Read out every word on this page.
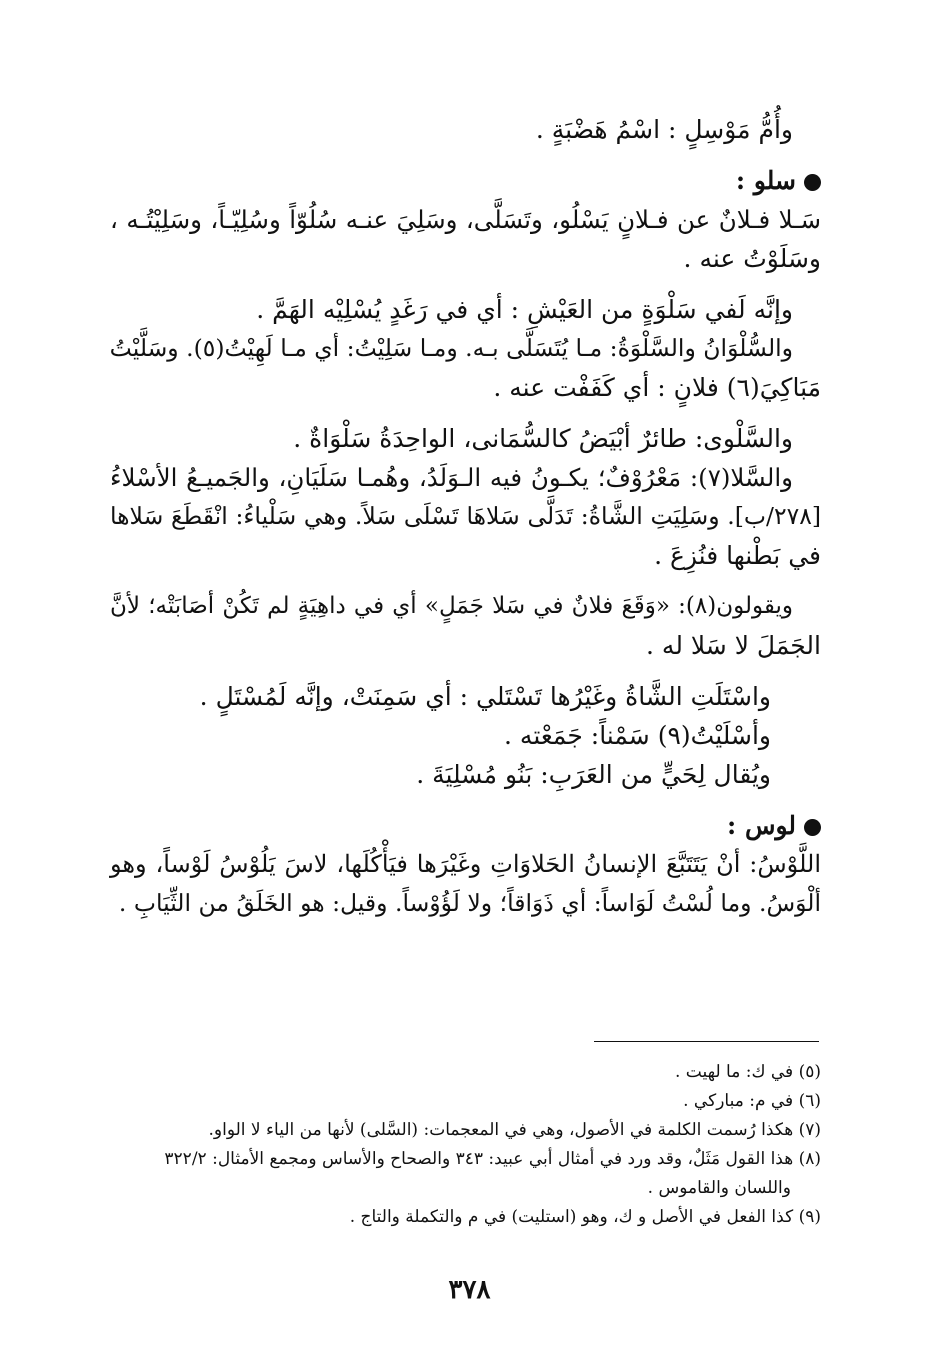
وأُمُّ مَوْسِلٍ : اسْمُ هَضْبَةٍ .
سلو :
سَـلا فـلانٌ عن فـلانٍ يَسْلُو، وتَسَلَّى، وسَلِيَ عنـه سُلُوّاً وسُلِيّـاً، وسَلِيْتُـه ،
وسَلَوْتُ عنه .
وإنَّه لَفي سَلْوَةٍ من العَيْشِ : أي في رَغَدٍ يُسْلِيْه الهَمَّ .
والسُّلْوَانُ والسَّلْوَةُ: مـا يُتَسَلَّى بـه. ومـا سَلِيْتُ: أي مـا لَهِيْتُ(٥). وسَلَّيْتُ
مَبَاكِيَ(٦) فلانٍ : أي كَفَفْت عنه .
والسَّلْوى: طائرٌ أبْيَضُ كالسُّمَانى، الواحِدَةُ سَلْوَاةٌ .
والسَّلا(٧): مَعْرُوْفٌ؛ يكـونُ فيه الـوَلَدُ، وهُمـا سَلَيَانِ، والجَميـعُ الأسْلاءُ
[٢٧٨/ب]. وسَلِيَتِ الشَّاةُ: تَدَلَّى سَلاهَا تَسْلَى سَلاً. وهي سَلْياءُ: انْقَطَعَ سَلاها
في بَطْنها فنُزِعَ .
ويقولون(٨): «وَقَعَ فلانٌ في سَلا جَمَلٍ» أي في داهِيَةٍ لم تَكُنْ أصَابَتْه؛ لأنَّ
الجَمَلَ لا سَلا له .
واسْتَلَتِ الشَّاةُ وغَيْرُها تَسْتَلي : أي سَمِنَتْ، وإنَّه لَمُسْتَلٍ .
وأسْلَيْتُ(٩) سَمْناً: جَمَعْته .
ويُقال لِحَيٍّ من العَرَبِ: بَنُو مُسْلِيَةَ .
لوس :
اللَّوْسُ: أنْ يَتَتَبَّعَ الإنسانُ الحَلاوَاتِ وغَيْرَها فيَأْكُلَها، لاسَ يَلُوْسُ لَوْساً، وهو
ألْوَسُ. وما لُسْتُ لَوَاساً: أي ذَوَاقاً؛ ولا لَؤُوْساً. وقيل: هو الخَلَقُ من الثِّيَابِ .
(٥) في ك: ما لهيت .
(٦) في م: مباركي .
(٧) هكذا رُسمت الكلمة في الأصول، وهي في المعجمات: (السَّلى) لأنها من الياء لا الواو.
(٨) هذا القول مَثَلٌ، وقد ورد في أمثال أبي عبيد: ٣٤٣ والصحاح والأساس ومجمع الأمثال: ٣٢٢/٢
واللسان والقاموس .
(٩) كذا الفعل في الأصل و ك، وهو (استليت) في م والتكملة والتاج .
٣٧٨
